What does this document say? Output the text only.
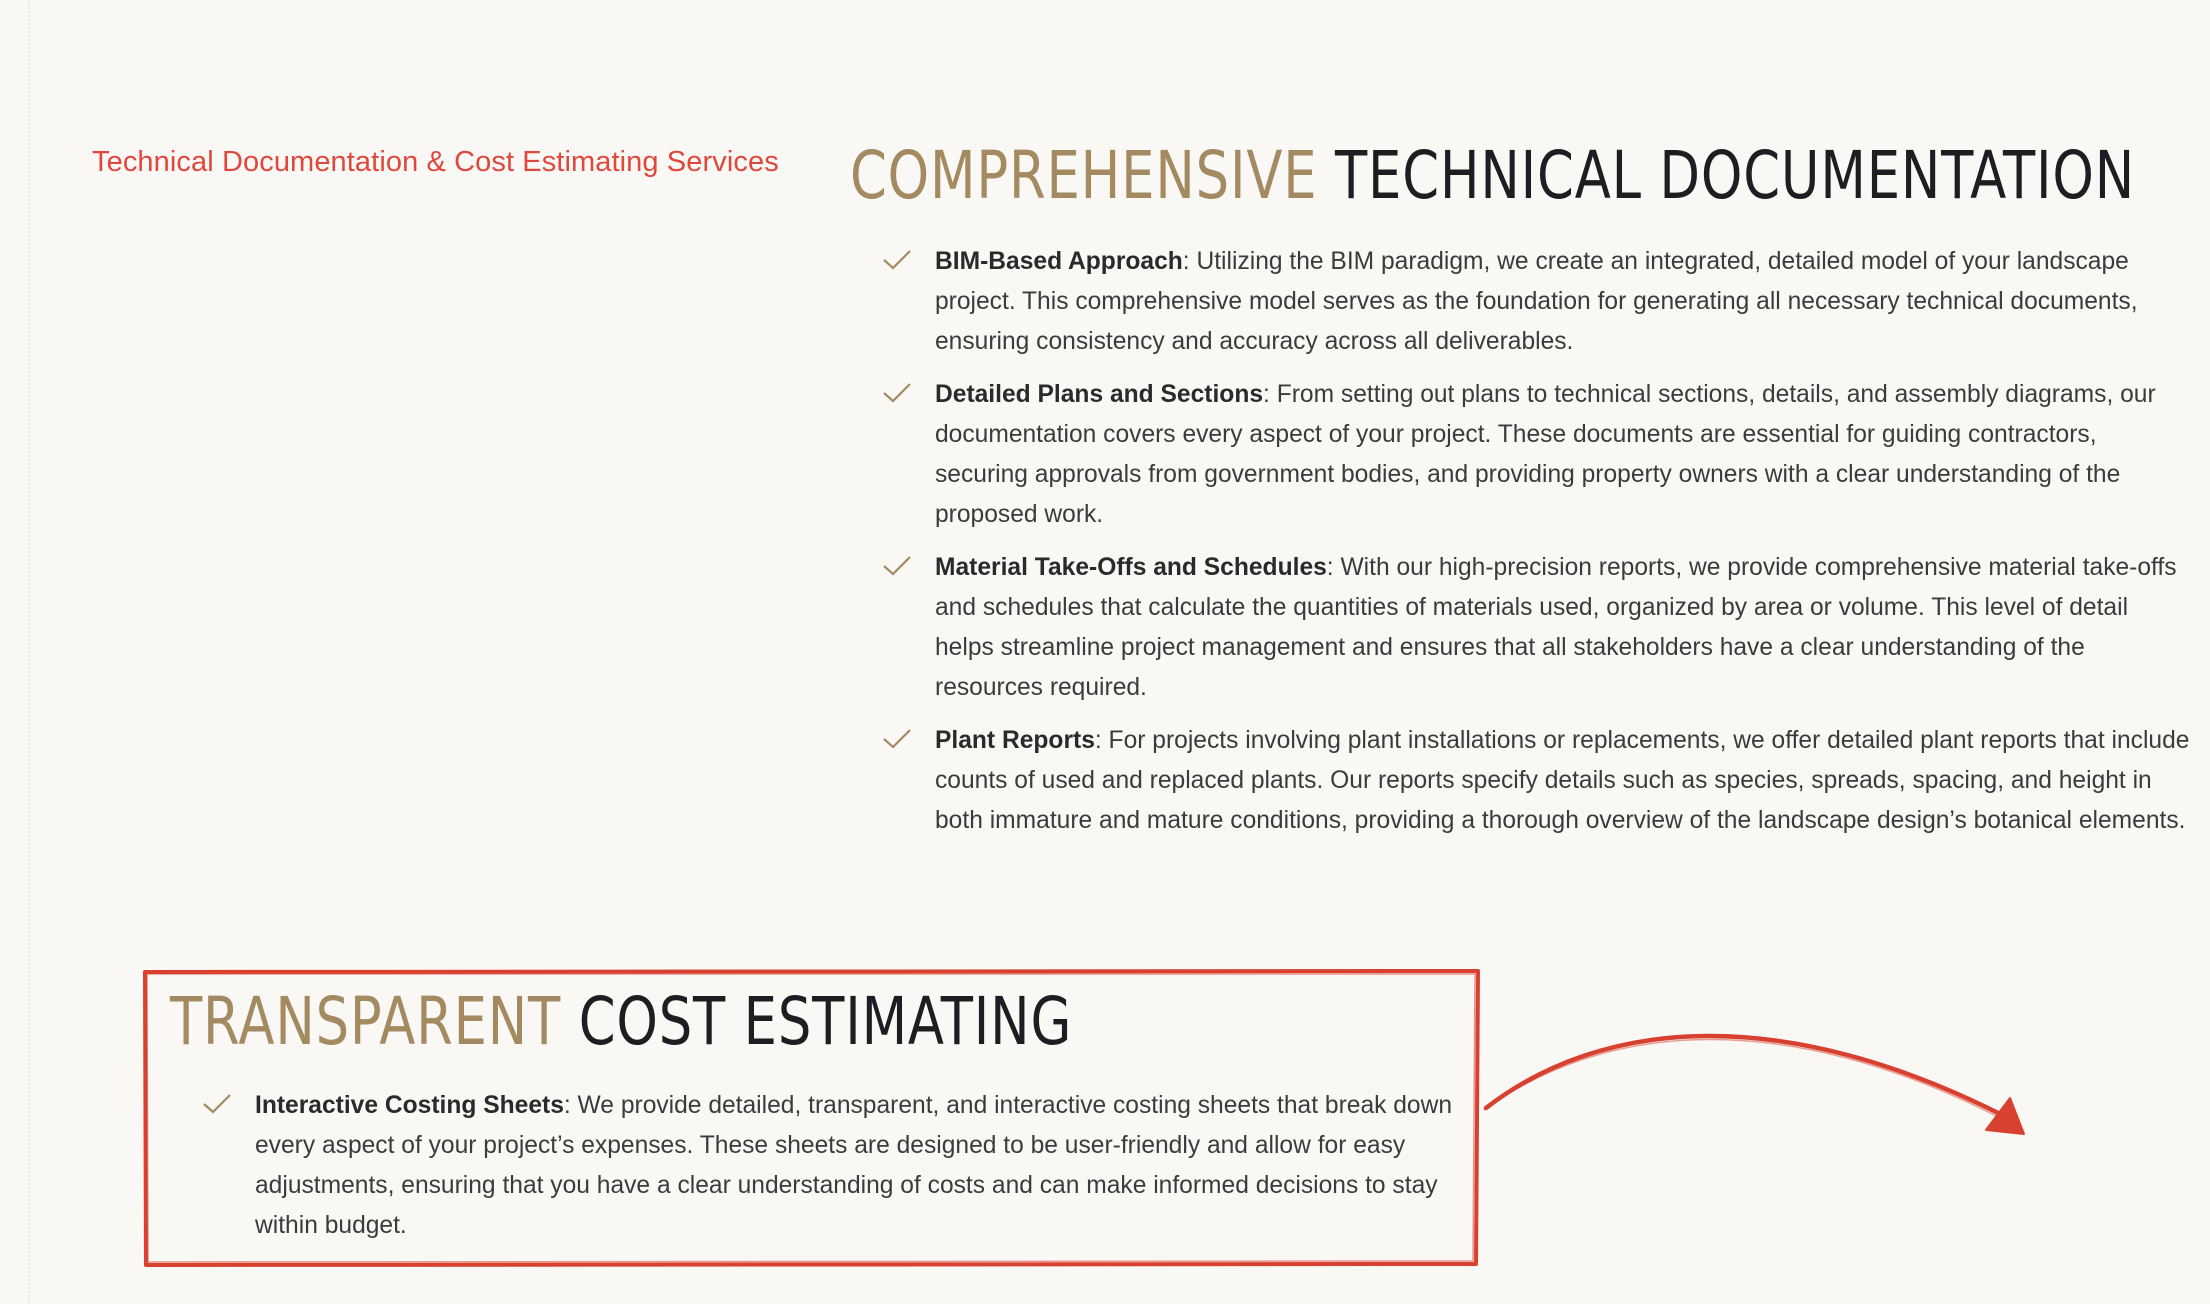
Technical Documentation & Cost Estimating Services COMPREHENSIVE TECHNICAL DOCUMENTATION
BIM-Based Approach: Utilizing the BIM paradigm, we create an integrated, detailed model of your landscape project. This comprehensive model serves as the foundation for generating all necessary technical documents, ensuring consistency and accuracy across all deliverables.
Detailed Plans and Sections: From setting out plans to technical sections, details, and assembly diagrams, our documentation covers every aspect of your project. These documents are essential for guiding contractors, securing approvals from government bodies, and providing property owners with a clear understanding of the proposed work.
Material Take-Offs and Schedules: With our high-precision reports, we provide comprehensive material take-offs and schedules that calculate the quantities of materials used, organized by area or volume. This level of detail helps streamline project management and ensures that all stakeholders have a clear understanding of the resources required.
Plant Reports: For projects involving plant installations or replacements, we offer detailed plant reports that include counts of used and replaced plants. Our reports specify details such as species, spreads, spacing, and height in both immature and mature conditions, providing a thorough overview of the landscape design’s botanical elements.
TRANSPARENT COST ESTIMATING
Interactive Costing Sheets: We provide detailed, transparent, and interactive costing sheets that break down every aspect of your project’s expenses. These sheets are designed to be user-friendly and allow for easy adjustments, ensuring that you have a clear understanding of costs and can make informed decisions to stay within budget.
